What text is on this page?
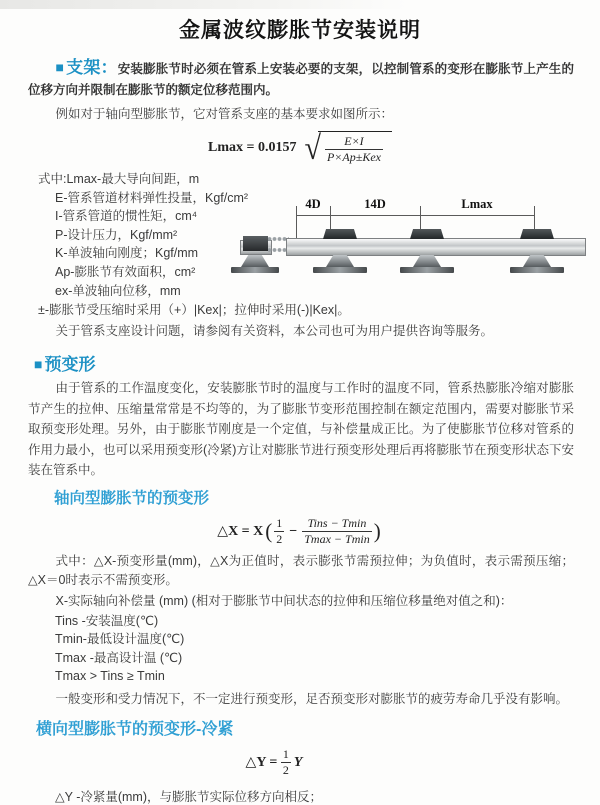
金属波纹膨胀节安装说明

■ 支架：安装膨胀节时必须在管系上安装必要的支架，以控制管系的变形在膨胀节上产生的位移方向并限制在膨胀节的额定位移范围内。

例如对于轴向型膨胀节，它对管系支座的基本要求如图所示：

Lmax = 0.0157 √ $\frac{E\times I}{\text{P×Ap±Kex}}$
式中:Lmax-最大导向间距，m
E-管系管道材料弹性投量，Kgf/cm²
I-管系管道的惯性矩，cm⁴
P-设计压力，Kgf/mm²
K-单波轴向刚度；Kgf/mm
Ap-膨胀节有效面积，cm²
ex-单波轴向位移，mm
4D	14D	Lmax

±-膨胀节受压缩时采用（+）|Kex|；拉伸时采用(-)|Kex|。

关于管系支座设计问题，请参阅有关资料，本公司也可为用户提供咨询等服务。

■ 预变形

由于管系的工作温度变化，安装膨胀节时的温度与工作时的温度不同，管系热膨胀冷缩对膨胀节产生的拉伸、压缩量常常是不均等的，为了膨胀节变形范围控制在额定范围内，需要对膨胀节采取预变形处理。另外，由于膨胀节刚度是一个定值，与补偿量成正比。为了使膨胀节位移对管系的作用力最小，也可以采用预变形(冷紧)方让对膨胀节进行预变形处理后再将膨胀节在预变形状态下安装在管系中。

轴向型膨胀节的预变形
△X = X ( $\frac{1}{2} - \frac{\text{Tins − Tmin}}{Tmax - Tmin}$ )

式中：△X-预变形量(mm)，△X为正值时，表示膨张节需预拉伸；为负值时，表示需预压缩；△X＝0时表示不需预变形。

X-实际轴向补偿量 (mm) (相对于膨胀节中间状态的拉伸和压缩位移量绝对值之和)：

Tins -安装温度(℃)
Tmin-最低设计温度(℃)
Tmax -最高设计温 (℃)
Tmax > Tins ≥ Tmin

一般变形和受力情况下，不一定进行预变形，足否预变形对膨胀节的疲劳寿命几乎没有影响。

横向型膨胀节的预变形-冷紧
△Y =
$\frac{1}{2}$ Y

△Y -冷紧量(mm)，与膨胀节实际位移方向相反；
